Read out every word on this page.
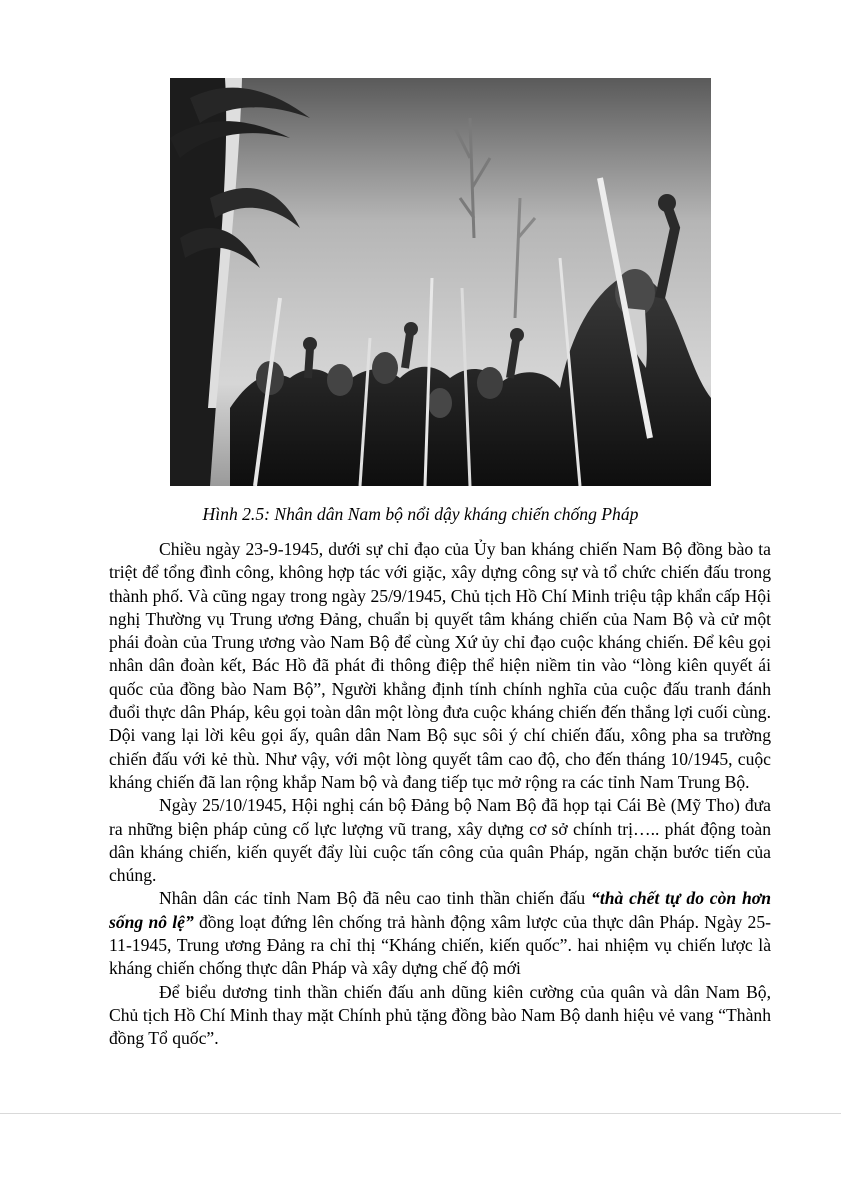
Hình 2.5: Nhân dân Nam bộ nổi dậy kháng chiến chống Pháp

Chiều ngày 23-9-1945, dưới sự chỉ đạo của Ủy ban kháng chiến Nam Bộ đồng bào ta triệt để tổng đình công, không hợp tác với giặc, xây dựng công sự và tổ chức chiến đấu trong thành phố. Và cũng ngay trong ngày 25/9/1945, Chủ tịch Hồ Chí Minh triệu tập khẩn cấp Hội nghị Thường vụ Trung ương Đảng, chuẩn bị quyết tâm kháng chiến của Nam Bộ và cử một phái đoàn của Trung ương vào Nam Bộ để cùng Xứ ủy chỉ đạo cuộc kháng chiến. Để kêu gọi nhân dân đoàn kết, Bác Hồ đã phát đi thông điệp thể hiện niềm tin vào “lòng kiên quyết ái quốc của đồng bào Nam Bộ”, Người khẳng định tính chính nghĩa của cuộc đấu tranh đánh đuổi thực dân Pháp, kêu gọi toàn dân một lòng đưa cuộc kháng chiến đến thắng lợi cuối cùng. Dội vang lại lời kêu gọi ấy, quân dân Nam Bộ sục sôi ý chí chiến đấu, xông pha sa trường chiến đấu với kẻ thù. Như vậy, với một lòng quyết tâm cao độ, cho đến tháng 10/1945, cuộc kháng chiến đã lan rộng khắp Nam bộ và đang tiếp tục mở rộng ra các tỉnh Nam Trung Bộ.

Ngày 25/10/1945, Hội nghị cán bộ Đảng bộ Nam Bộ đã họp tại Cái Bè (Mỹ Tho) đưa ra những biện pháp củng cố lực lượng vũ trang, xây dựng cơ sở chính trị….. phát động toàn dân kháng chiến, kiến quyết đẩy lùi cuộc tấn công của quân Pháp, ngăn chặn bước tiến của chúng.

Nhân dân các tỉnh Nam Bộ đã nêu cao tinh thần chiến đấu “thà chết tự do còn hơn sống nô lệ” đồng loạt đứng lên chống trả hành động xâm lược của thực dân Pháp. Ngày 25-11-1945, Trung ương Đảng ra chỉ thị “Kháng chiến, kiến quốc”. hai nhiệm vụ chiến lược là kháng chiến chống thực dân Pháp và xây dựng chế độ mới

Để biểu dương tinh thần chiến đấu anh dũng kiên cường của quân và dân Nam Bộ, Chủ tịch Hồ Chí Minh thay mặt Chính phủ tặng đồng bào Nam Bộ danh hiệu vẻ vang “Thành đồng Tổ quốc”.
